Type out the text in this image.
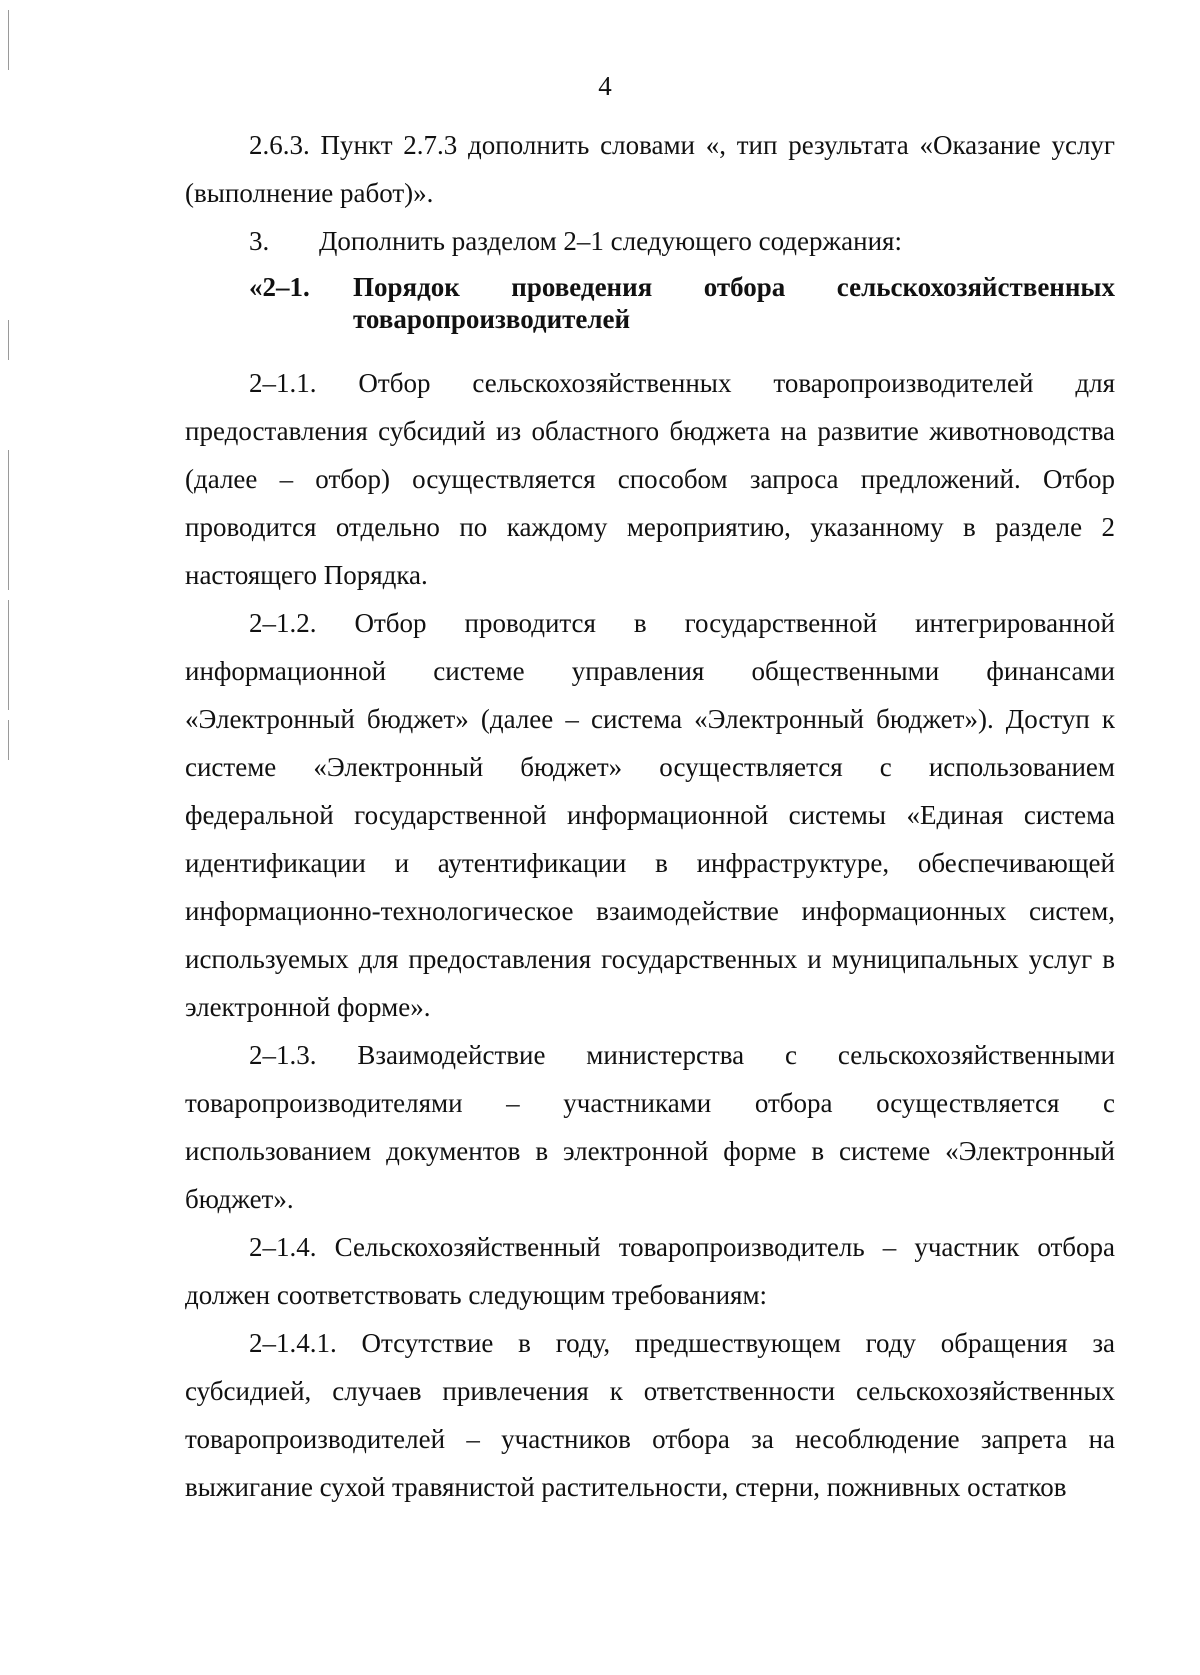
4

2.6.3. Пункт 2.7.3 дополнить словами «, тип результата «Оказание услуг (выполнение работ)».

3.	Дополнить разделом 2–1 следующего содержания:
«2–1.	Порядок проведения отбора сельскохозяйственных товаропроизводителей

2–1.1. Отбор сельскохозяйственных товаропроизводителей для предоставления субсидий из областного бюджета на развитие животноводства (далее – отбор) осуществляется способом запроса предложений. Отбор проводится отдельно по каждому мероприятию, указанному в разделе 2 настоящего Порядка.

2–1.2. Отбор проводится в государственной интегрированной информационной системе управления общественными финансами «Электронный бюджет» (далее – система «Электронный бюджет»). Доступ к системе «Электронный бюджет» осуществляется с использованием федеральной государственной информационной системы «Единая система идентификации и аутентификации в инфраструктуре, обеспечивающей информационно-технологическое взаимодействие информационных систем, используемых для предоставления государственных и муниципальных услуг в электронной форме».

2–1.3. Взаимодействие министерства с сельскохозяйственными товаропроизводителями – участниками отбора осуществляется с использованием документов в электронной форме в системе «Электронный бюджет».

2–1.4. Сельскохозяйственный товаропроизводитель – участник отбора должен соответствовать следующим требованиям:

2–1.4.1. Отсутствие в году, предшествующем году обращения за субсидией, случаев привлечения к ответственности сельскохозяйственных товаропроизводителей – участников отбора за несоблюдение запрета на выжигание сухой травянистой растительности, стерни, пожнивных остатков
